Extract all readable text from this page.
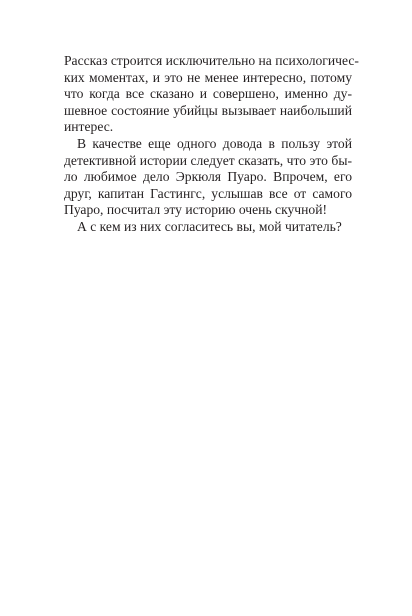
Рассказ строится исключительно на психологичес-
ких моментах, и это не менее интересно, потому
что когда все сказано и совершено, именно ду-
шевное состояние убийцы вызывает наибольший
интерес.
В качестве еще одного довода в пользу этой
детективной истории следует сказать, что это бы-
ло любимое дело Эркюля Пуаро. Впрочем, его
друг, капитан Гастингс, услышав все от самого
Пуаро, посчитал эту историю очень скучной!
А с кем из них согласитесь вы, мой читатель?
